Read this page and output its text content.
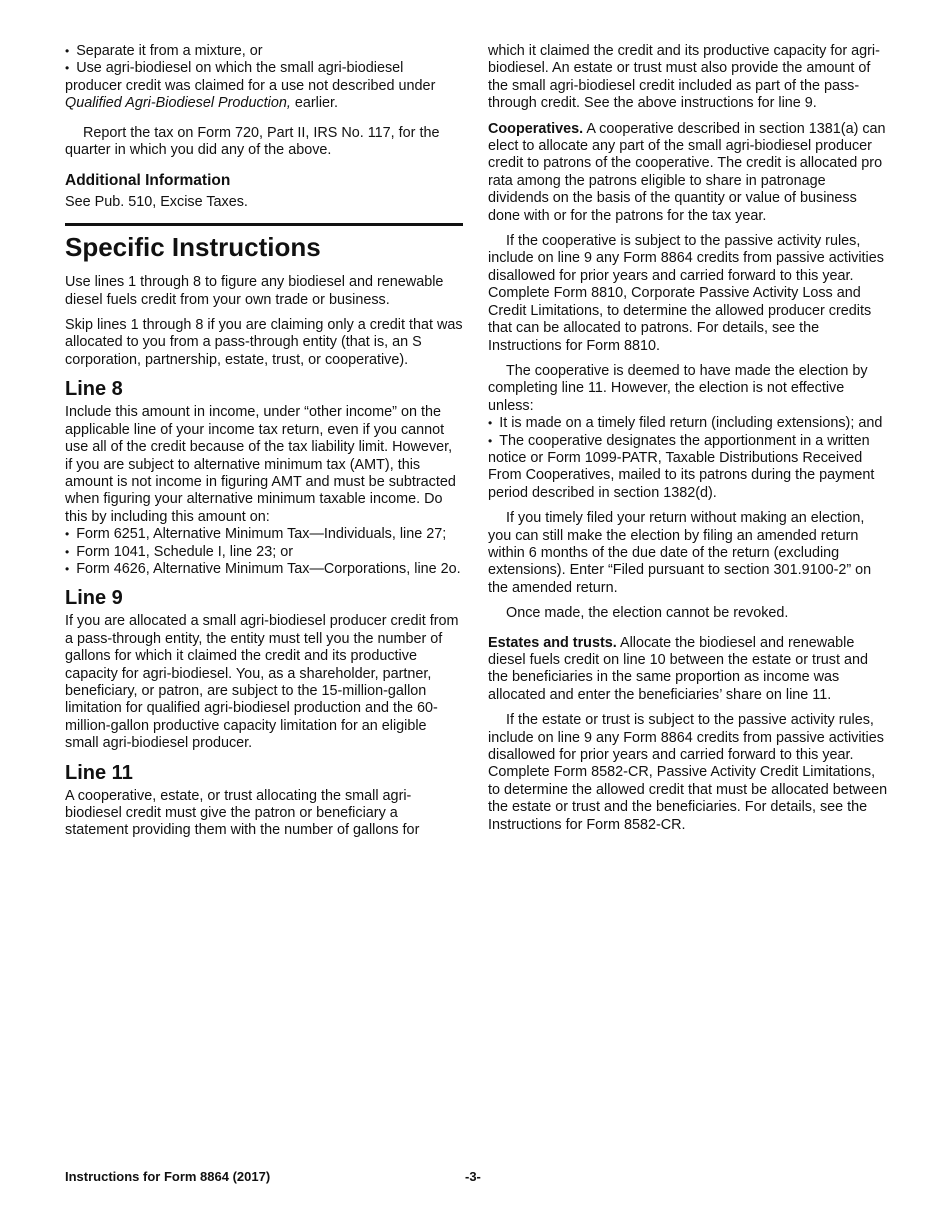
• Separate it from a mixture, or

• Use agri-biodiesel on which the small agri-biodiesel producer credit was claimed for a use not described under Qualified Agri-Biodiesel Production, earlier.

Report the tax on Form 720, Part II, IRS No. 117, for the quarter in which you did any of the above.

Additional Information

See Pub. 510, Excise Taxes.

Specific Instructions

Use lines 1 through 8 to figure any biodiesel and renewable diesel fuels credit from your own trade or business.

Skip lines 1 through 8 if you are claiming only a credit that was allocated to you from a pass-through entity (that is, an S corporation, partnership, estate, trust, or cooperative).

Line 8

Include this amount in income, under “other income” on the applicable line of your income tax return, even if you cannot use all of the credit because of the tax liability limit. However, if you are subject to alternative minimum tax (AMT), this amount is not income in figuring AMT and must be subtracted when figuring your alternative minimum taxable income. Do this by including this amount on:

• Form 6251, Alternative Minimum Tax—Individuals, line 27;

• Form 1041, Schedule I, line 23; or

• Form 4626, Alternative Minimum Tax—Corporations, line 2o.

Line 9

If you are allocated a small agri-biodiesel producer credit from a pass-through entity, the entity must tell you the number of gallons for which it claimed the credit and its productive capacity for agri-biodiesel. You, as a shareholder, partner, beneficiary, or patron, are subject to the 15-million-gallon limitation for qualified agri-biodiesel production and the 60-million-gallon productive capacity limitation for an eligible small agri-biodiesel producer.

Line 11

A cooperative, estate, or trust allocating the small agri-biodiesel credit must give the patron or beneficiary a statement providing them with the number of gallons for

which it claimed the credit and its productive capacity for agri-biodiesel. An estate or trust must also provide the amount of the small agri-biodiesel credit included as part of the pass-through credit. See the above instructions for line 9.

Cooperatives. A cooperative described in section 1381(a) can elect to allocate any part of the small agri-biodiesel producer credit to patrons of the cooperative. The credit is allocated pro rata among the patrons eligible to share in patronage dividends on the basis of the quantity or value of business done with or for the patrons for the tax year.

If the cooperative is subject to the passive activity rules, include on line 9 any Form 8864 credits from passive activities disallowed for prior years and carried forward to this year. Complete Form 8810, Corporate Passive Activity Loss and Credit Limitations, to determine the allowed producer credits that can be allocated to patrons. For details, see the Instructions for Form 8810.

The cooperative is deemed to have made the election by completing line 11. However, the election is not effective unless:

• It is made on a timely filed return (including extensions); and

• The cooperative designates the apportionment in a written notice or Form 1099-PATR, Taxable Distributions Received From Cooperatives, mailed to its patrons during the payment period described in section 1382(d).

If you timely filed your return without making an election, you can still make the election by filing an amended return within 6 months of the due date of the return (excluding extensions). Enter “Filed pursuant to section 301.9100-2” on the amended return.

Once made, the election cannot be revoked.

Estates and trusts. Allocate the biodiesel and renewable diesel fuels credit on line 10 between the estate or trust and the beneficiaries in the same proportion as income was allocated and enter the beneficiaries’ share on line 11.

If the estate or trust is subject to the passive activity rules, include on line 9 any Form 8864 credits from passive activities disallowed for prior years and carried forward to this year. Complete Form 8582-CR, Passive Activity Credit Limitations, to determine the allowed credit that must be allocated between the estate or trust and the beneficiaries. For details, see the Instructions for Form 8582-CR.

Instructions for Form 8864 (2017)	-3-
